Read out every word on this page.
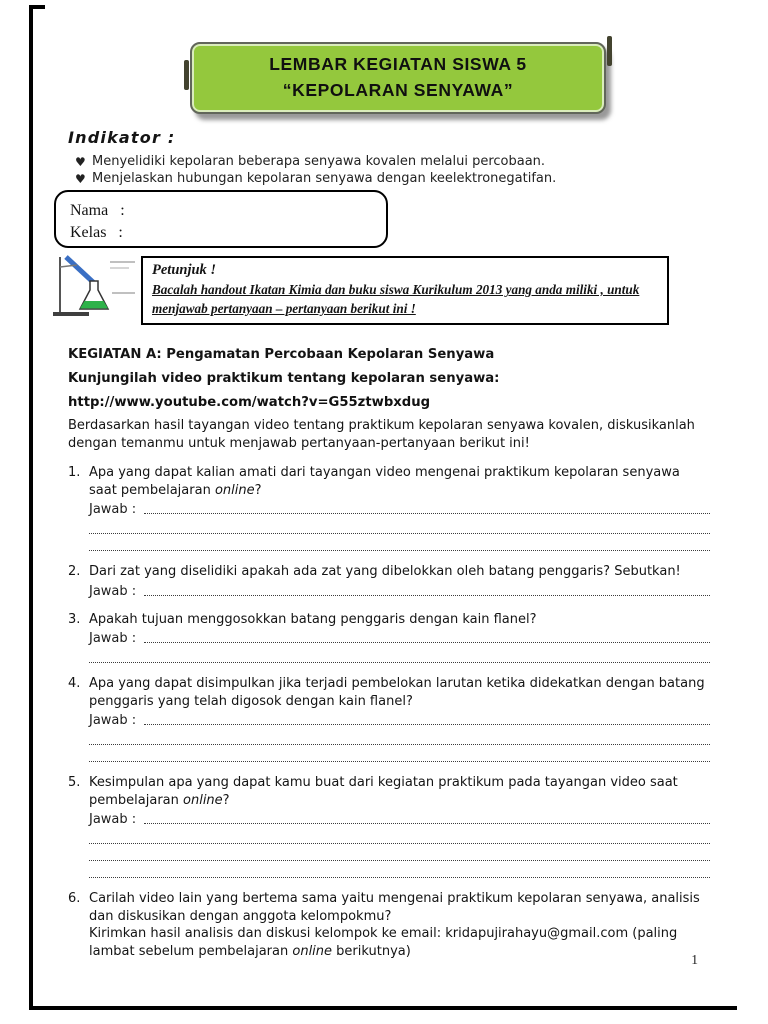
LEMBAR KEGIATAN SISWA 5
“KEPOLARAN SENYAWA”
Indikator :
♥ Menyelidiki kepolaran beberapa senyawa kovalen melalui percobaan.
♥ Menjelaskan hubungan kepolaran senyawa dengan keelektronegatifan.
Nama   :
Kelas   :
Petunjuk !
Bacalah handout Ikatan Kimia dan buku siswa Kurikulum 2013 yang anda miliki , untuk menjawab pertanyaan – pertanyaan berikut ini !
KEGIATAN A: Pengamatan Percobaan Kepolaran Senyawa
Kunjungilah video praktikum tentang kepolaran senyawa:
http://www.youtube.com/watch?v=G55ztwbxdug
Berdasarkan hasil tayangan video tentang praktikum kepolaran senyawa kovalen, diskusikanlah dengan temanmu untuk menjawab pertanyaan-pertanyaan berikut ini!
1. Apa yang dapat kalian amati dari tayangan video mengenai praktikum kepolaran senyawa saat pembelajaran online?
Jawab :
2. Dari zat yang diselidiki apakah ada zat yang dibelokkan oleh batang penggaris? Sebutkan!
Jawab :
3. Apakah tujuan menggosokkan batang penggaris dengan kain flanel?
Jawab :
4. Apa yang dapat disimpulkan jika terjadi pembelokan larutan ketika didekatkan dengan batang penggaris yang telah digosok dengan kain flanel?
Jawab :
5. Kesimpulan apa yang dapat kamu buat dari kegiatan praktikum pada tayangan video saat pembelajaran online?
Jawab :
6. Carilah video lain yang bertema sama yaitu mengenai praktikum kepolaran senyawa, analisis dan diskusikan dengan anggota kelompokmu?
Kirimkan hasil analisis dan diskusi kelompok ke email: kridapujirahayu@gmail.com (paling lambat sebelum pembelajaran online berikutnya)
1
